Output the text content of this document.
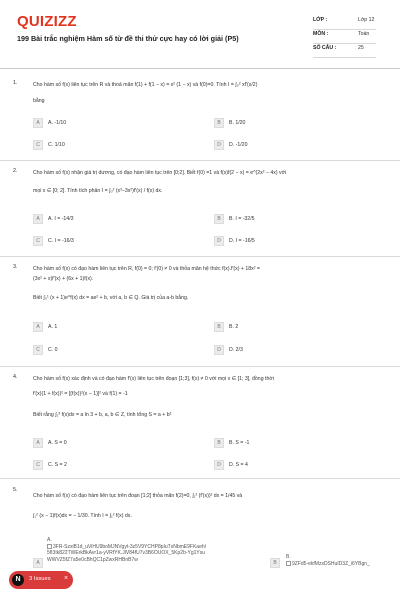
QUIZIZZ
199 Bài trắc nghiệm Hàm số từ đề thi thử cực hay có lời giải (P5)
LỚP :	Lớp 12
MÔN :	Toán
SỐ CÂU :	25
1.	Cho hàm số f(x) liên tục trên R và thoả mãn f(1) + f(1 − x) = x² (1 − x) và f(0)=0. Tính I = ∫₀² xf′(x/2)
bằng
A	A. -1/10	B	B. 1/20
C	C. 1/10	D	D. -1/20
2.	Cho hàm số f(x) nhận giá trị dương, có đạo hàm liên tục trên [0;2]. Biết f(0) =1 và f(x)f(2 − x) = e^(2x² − 4x) với
mọi x ∈ [0; 2]. Tính tích phân I = ∫₀² (x³−3x²)f′(x) / f(x) dx.
A	A. I = -14/3	B	B. I = -32/5
C	C. I = -16/3	D	D. I = -16/5
3.	Cho hàm số f(x) có đạo hàm liên tục trên R, f(0) = 0; f′(0) ≠ 0 và thỏa mãn hệ thức f(x).f′(x) + 18x² =
(3x² + x)f′(x) + (6x + 1)f(x).
Biết ∫₀¹ (x + 1)e^f(x) dx = ae² + b, với a, b ∈ Q. Giá trị của a-b bằng.
A	A. 1	B	B. 2
C	C. 0	D	D. 2/3
4.	Cho hàm số f(x) xác định và có đạo hàm f′(x) liên tục trên đoạn [1;3], f(x) ≠ 0 với mọi x ∈ [1; 3], đồng thời
f′(x)(1 + f(x))² = [(f(x))²(x − 1)]² và f(1) = -1
Biết rằng ∫₁³ f(x)dx = a ln 3 + b, a, b ∈ Z, tính tổng S = a + b²
A	A. S = 0	B	B. S = -1
C	C. S = 2	D	D. S = 4
5.
Cho hàm số f(x) có đạo hàm liên tục trên đoạn [1;2] thỏa mãn f(2)=0, ∫₁² (f′(x))² dx = 1/45 và
∫₁² (x − 1)f(x)dx = − 1/30. Tính I = ∫₁² f(x) dx.
A
A.
3FR-SzxiB1d_uViHU9boMJNVgyt-3z5V9YCHP8pIuTxNbmE9FKaehl5fI3tk822TWErkBkAvr1a-yVRfYK.JlV84fU7v3B6OUOX_5Kp2b-Yg1YsuWWVZ5fZ7a5e0cBhQC1pZwxRHBnB7w
B
B.
9ZFd5-ekfMzxDSHuID3Z_i6YBgn_
N	3 Issues ×
